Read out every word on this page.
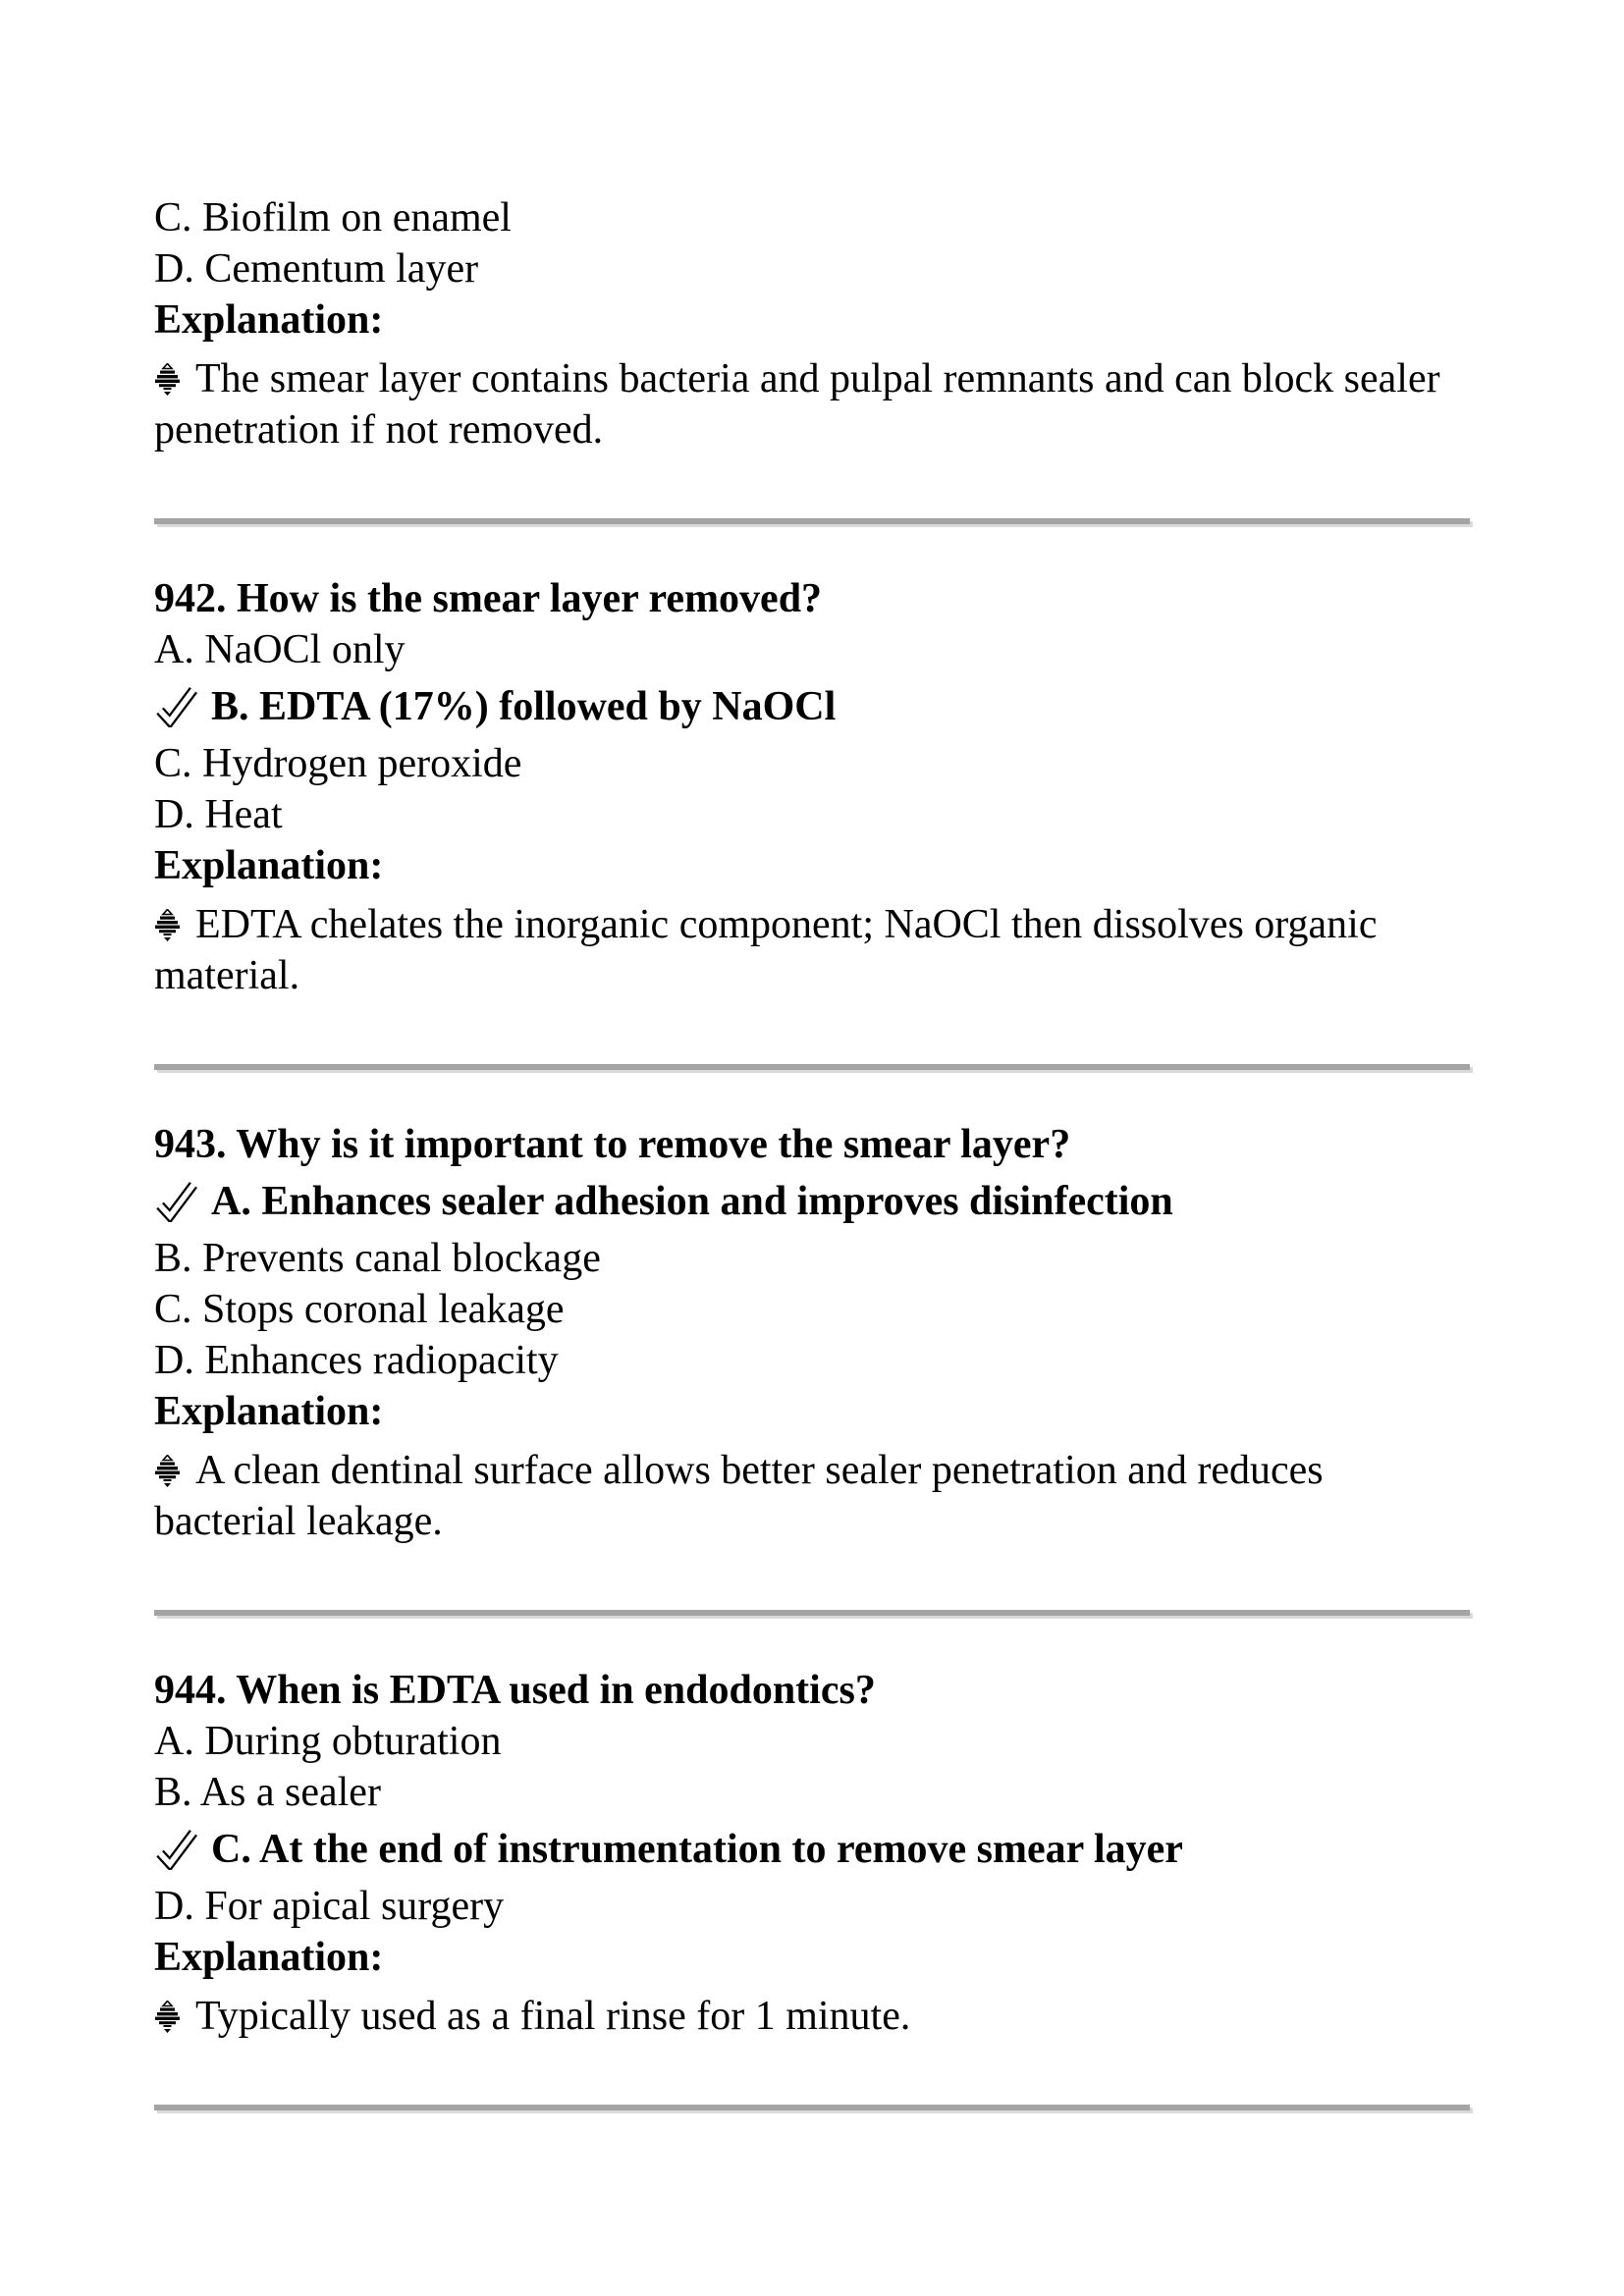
C. Biofilm on enamel
D. Cementum layer
Explanation:

The smear layer contains bacteria and pulpal remnants and can block sealer penetration if not removed.

942. How is the smear layer removed?
A. NaOCl only
B. EDTA (17%) followed by NaOCl
C. Hydrogen peroxide
D. Heat
Explanation:

EDTA chelates the inorganic component; NaOCl then dissolves organic material.

943. Why is it important to remove the smear layer?
A. Enhances sealer adhesion and improves disinfection
B. Prevents canal blockage
C. Stops coronal leakage
D. Enhances radiopacity
Explanation:

A clean dentinal surface allows better sealer penetration and reduces bacterial leakage.

944. When is EDTA used in endodontics?
A. During obturation
B. As a sealer
C. At the end of instrumentation to remove smear layer
D. For apical surgery
Explanation:

Typically used as a final rinse for 1 minute.
